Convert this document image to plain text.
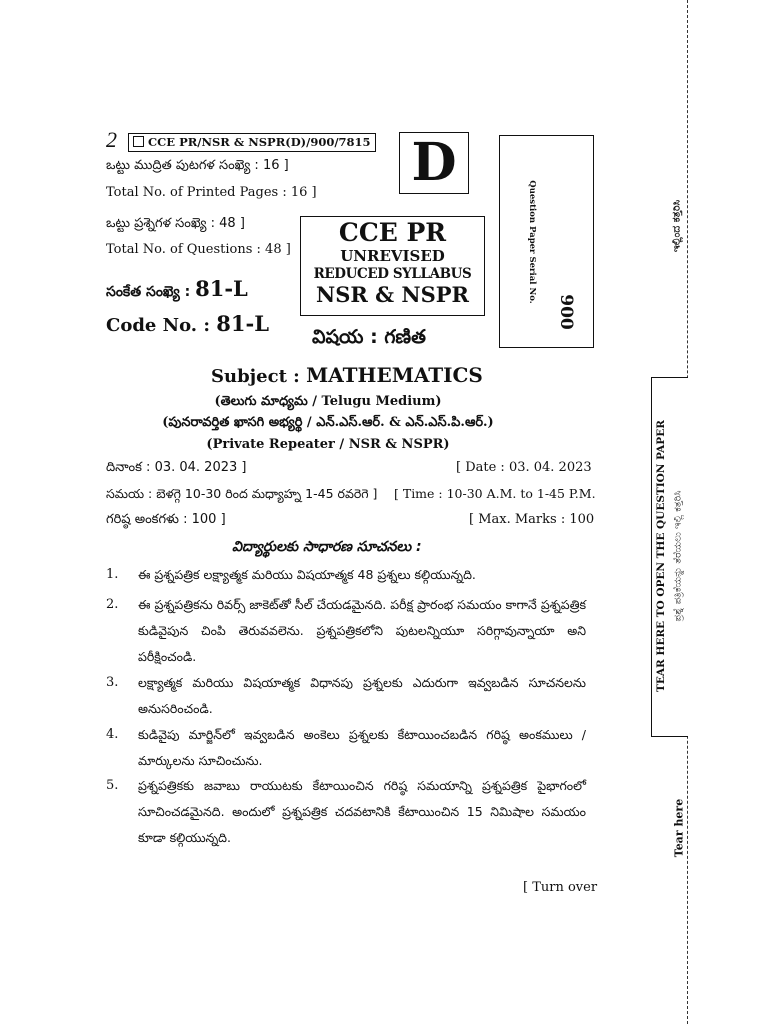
2	CCE PR/NSR & NSPR(D)/900/7815 D
Question Paper Serial No.
900
ఒట్టు ముద్రిత పుటగళ సంఖ్యె : 16 ]
Total No. of Printed Pages : 16 ]
ఒట్టు ప్రశ్నెగళ సంఖ్యె : 48 ]
Total No. of Questions : 48 ]
CCE PR
UNREVISED
REDUCED SYLLABUS
NSR & NSPR
సంకేత సంఖ్యె : 81-L
Code No. : 81-L
విషయ : గణిత
Subject : MATHEMATICS
(తెలుగు మాధ్యమ / Telugu Medium)
(పునరావర్తిత ఖాసగి అభ్యర్థి / ఎన్.ఎస్.ఆర్. & ఎన్.ఎస్.పి.ఆర్.)
(Private Repeater / NSR & NSPR)
దినాంక : 03. 04. 2023 ]	[ Date : 03. 04. 2023
సమయ : బెళగ్గె 10-30 రింద మధ్యాహ్న 1-45 రవరెగె ] [ Time : 10-30 A.M. to 1-45 P.M.
గరిష్ఠ అంకగళు : 100 ]	[ Max. Marks : 100
విద్యార్థులకు సాధారణ సూచనలు :
1. ఈ ప్రశ్నపత్రిక లక్ష్యాత్మక మరియు విషయాత్మక 48 ప్రశ్నలు కల్గియున్నది.
2. ఈ ప్రశ్నపత్రికను రివర్స్ జాకెట్‌తో సీల్ చేయడమైనది. పరీక్ష ప్రారంభ సమయం కాగానే ప్రశ్నపత్రిక కుడివైపున చింపి తెరువవలెను. ప్రశ్నపత్రికలోని పుటలన్నియూ సరిగ్గావున్నాయా అని పరీక్షించండి.
3. లక్ష్యాత్మక మరియు విషయాత్మక విధానపు ప్రశ్నలకు ఎదురుగా ఇవ్వబడిన సూచనలను అనుసరించండి.
4. కుడివైపు మార్జిన్‌లో ఇవ్వబడిన అంకెలు ప్రశ్నలకు కేటాయించబడిన గరిష్ఠ అంకములు / మార్కులను సూచించును.
5. ప్రశ్నపత్రికకు జవాబు రాయుటకు కేటాయించిన గరిష్ఠ సమయాన్ని ప్రశ్నపత్రిక పైభాగంలో సూచించడమైనది. అందులో ప్రశ్నపత్రిక చదవటానికి కేటాయించిన 15 నిమిషాల సమయం కూడా కల్గియున్నది.
[ Turn over
ಇಲ್ಲಿಂದ ಕತ್ತರಿಸಿ
TEAR HERE TO OPEN THE QUESTION PAPER ಪ್ರಶ್ನೆ ಪತ್ರಿಕೆಯನ್ನು ತೆರೆಯಲು ಇಲ್ಲಿ ಕತ್ತರಿಸಿ
Tear here
